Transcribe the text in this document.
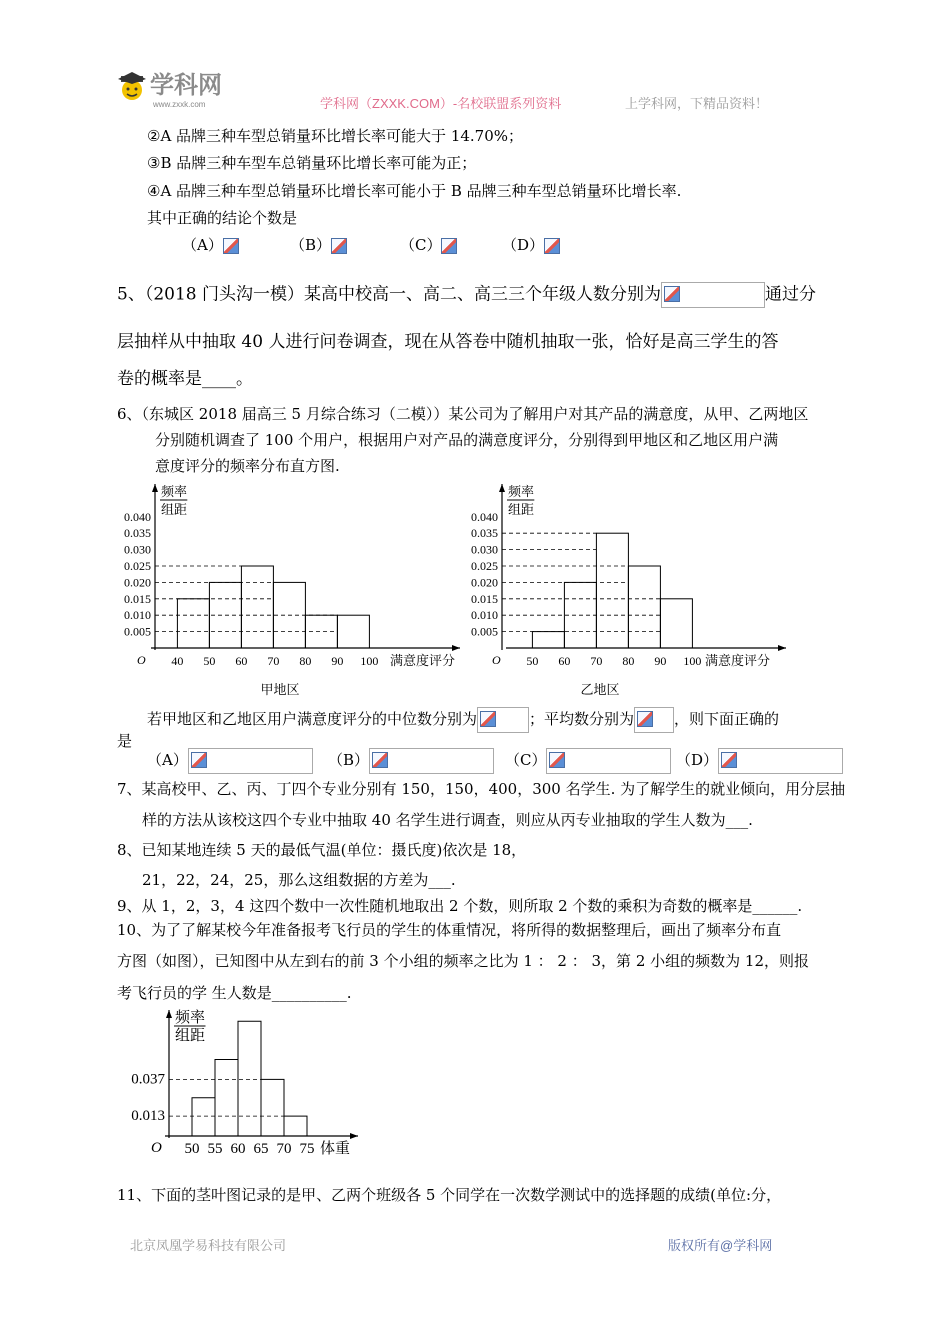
学科网
www.zxxk.com	学科网（ZXXK.COM）-名校联盟系列资料	上学科网，下精品资料！
②A 品牌三种车型总销量环比增长率可能大于 14.70%；
③B 品牌三种车型车总销量环比增长率可能为正；
④A 品牌三种车型总销量环比增长率可能小于 B 品牌三种车型总销量环比增长率.
其中正确的结论个数是
（A）	（B）	（C）	（D）
5、（2018 门头沟一模）某高中校高一、高二、高三三个年级人数分别为	通过分
层抽样从中抽取 40 人进行问卷调查，现在从答卷中随机抽取一张，恰好是高三学生的答
卷的概率是____。
6、（东城区 2018 届高三 5 月综合练习（二模））某公司为了解用户对其产品的满意度，从甲、乙两地区
分别随机调查了 100 个用户，根据用户对产品的满意度评分，分别得到甲地区和乙地区用户满
意度评分的频率分布直方图.
频率
组距
O
0.040
0.035
0.030
0.025
0.020
0.015
0.010
0.005
40 50 60 70 80 90 100 满意度评分
甲地区
频率
组距
O
0.040
0.035
0.030
0.025
0.020
0.015
0.010
0.005
50 60 70 80 90 100 满意度评分
乙地区
若甲地区和乙地区用户满意度评分的中位数分别为	；平均数分别为	，则下面正确的
是
（A）	（B）	（C）	（D）
7、某高校甲、乙、丙、丁四个专业分别有 150，150，400，300 名学生. 为了解学生的就业倾向，用分层抽
样的方法从该校这四个专业中抽取 40 名学生进行调查，则应从丙专业抽取的学生人数为___.
8、已知某地连续 5 天的最低气温(单位：摄氏度)依次是 18，
21，22，24，25，那么这组数据的方差为___.
9、从 1，2，3，4 这四个数中一次性随机地取出 2 个数，则所取 2 个数的乘积为奇数的概率是______.
10、为了了解某校今年准备报考飞行员的学生的体重情况，将所得的数据整理后，画出了频率分布直
方图（如图），已知图中从左到右的前 3 个小组的频率之比为 1 ： 2 ： 3，第 2 小组的频数为 12，则报
考飞行员的学 生人数是__________.
频率
组距
O
0.037
0.013
50 55 60 65 70 75 体重
11、下面的茎叶图记录的是甲、乙两个班级各 5 个同学在一次数学测试中的选择题的成绩(单位:分，
北京凤凰学易科技有限公司	版权所有@学科网
